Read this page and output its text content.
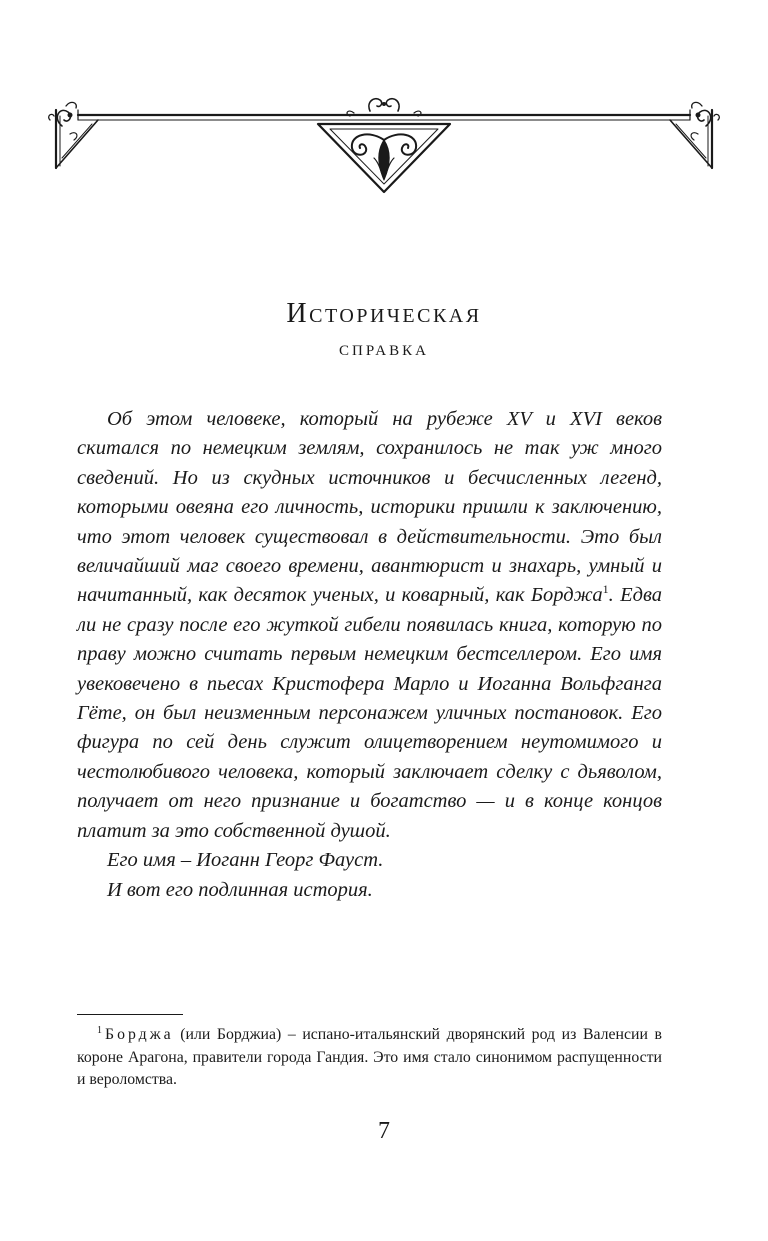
Историческая
справка

Об этом человеке, который на рубеже XV и XVI веков скитался по немецким землям, сохранилось не так уж много сведений. Но из скудных источников и бесчисленных легенд, которыми овеяна его личность, историки пришли к заключению, что этот человек существовал в действительности. Это был величайший маг своего времени, авантюрист и знахарь, умный и начитанный, как десяток ученых, и коварный, как Борджа$^1$. Едва ли не сразу после его жуткой гибели появилась книга, которую по праву можно считать первым немецким бестселлером. Его имя увековечено в пьесах Кристофера Марло и Иоганна Вольфганга Гёте, он был неизменным персонажем уличных постановок. Его фигура по сей день служит олицетворением неутомимого и честолюбивого человека, который заключает сделку с дьяволом, получает от него признание и богатство — и в конце концов платит за это собственной душой.

Его имя – Иоганн Георг Фауст.

И вот его подлинная история.

$^1$ Борджа (или Борджиа) – испано-итальянский дворянский род из Валенсии в короне Арагона, правители города Гандия. Это имя стало синонимом распущенности и вероломства.
7
